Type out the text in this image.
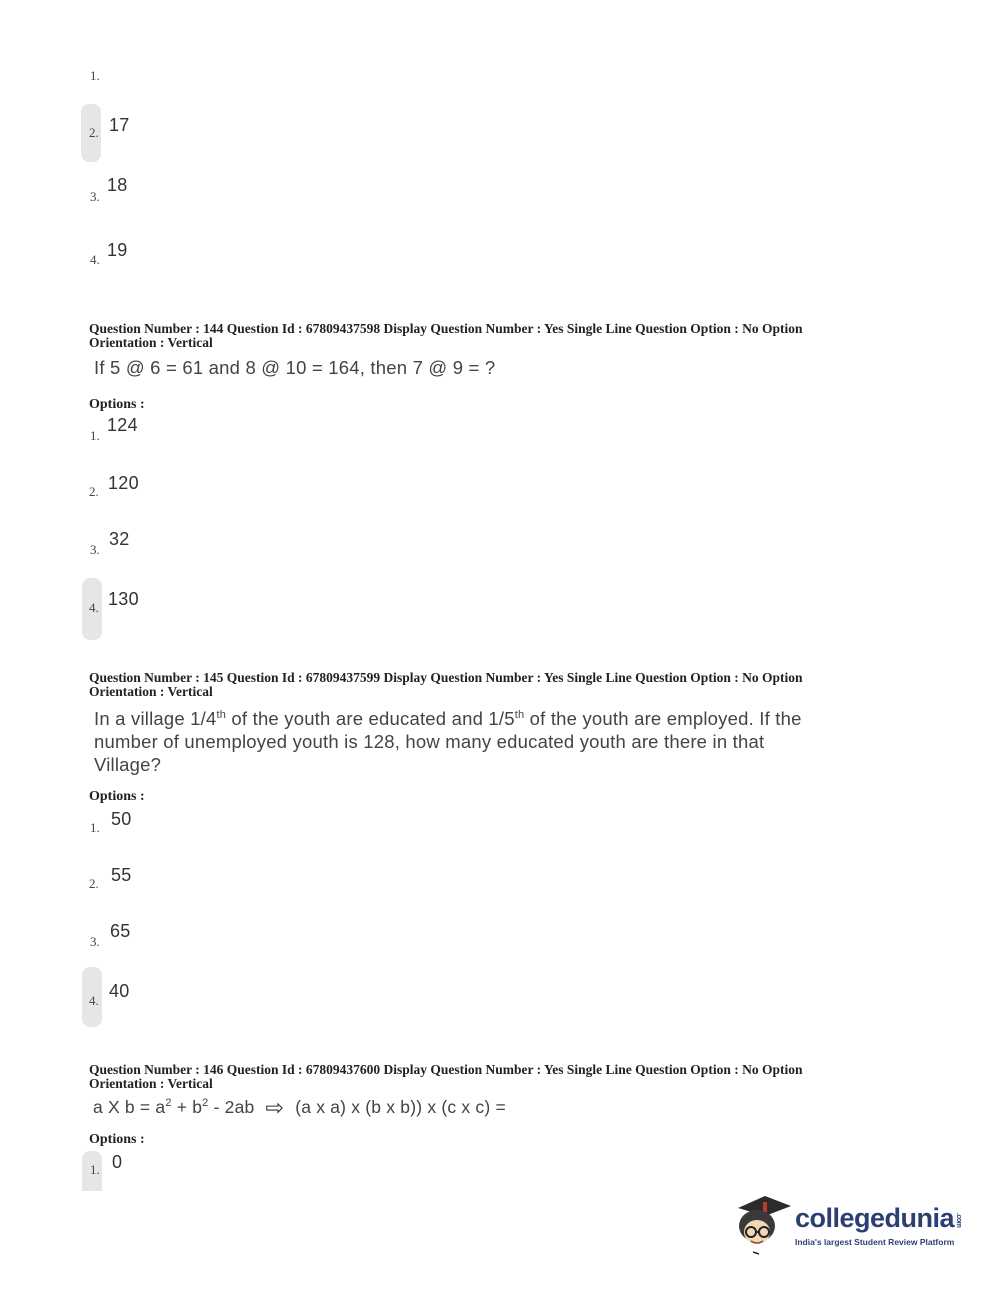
1.
2. 17
3.
18
4. 19
Question Number : 144 Question Id : 67809437598 Display Question Number : Yes Single Line Question Option : No Option
Orientation : Vertical
If 5 @ 6 = 61 and 8 @ 10 = 164, then 7 @ 9 = ?
Options :
1.
124
2. 120
3.
32
4. 130
Question Number : 145 Question Id : 67809437599 Display Question Number : Yes Single Line Question Option : No Option
Orientation : Vertical
In a village 1/4th of the youth are educated and 1/5th of the youth are employed. If the
number of unemployed youth is 128, how many educated youth are there in that
Village?
Options :
1. 50
2. 55
3.
65
4. 40
Question Number : 146 Question Id : 67809437600 Display Question Number : Yes Single Line Question Option : No Option
Orientation : Vertical
a X $b = a^2 + b^2 - 2ab$ ⇨ (a x a) x (b x b)) x (c x c) =
Options :
1. 0
collegedunia.com
India's largest Student Review Platform
